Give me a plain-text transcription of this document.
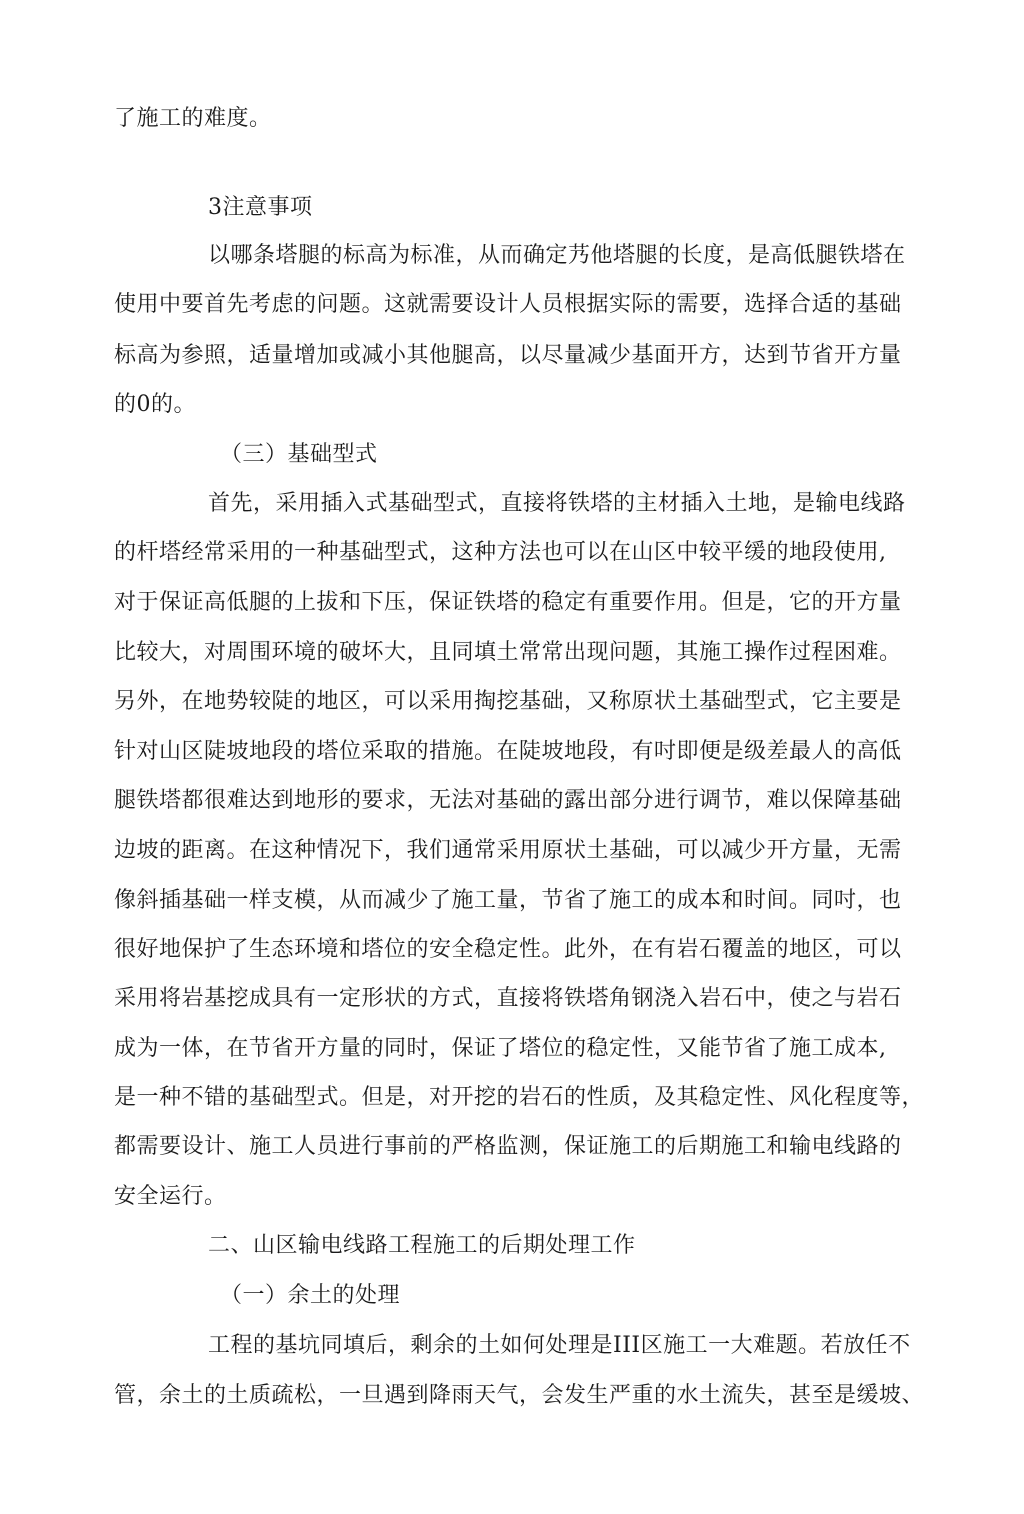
了施工的难度。
3注意事项
以哪条塔腿的标高为标准，从而确定艿他塔腿的长度，是高低腿铁塔在
使用中要首先考虑的问题。这就需要设计人员根据实际的需要，选择合适的基础
标高为参照，适量增加或减小其他腿高，以尽量减少基面开方，达到节省开方量
的0的。
（三）基础型式
首先，采用插入式基础型式，直接将铁塔的主材插入土地，是输电线路
的杆塔经常采用的一种基础型式，这种方法也可以在山区中较平缓的地段使用,
对于保证高低腿的上拔和下压，保证铁塔的稳定有重要作用。但是，它的开方量
比较大，对周围环境的破坏大，且同填土常常出现问题，其施工操作过程困难。
另外，在地势较陡的地区，可以采用掏挖基础，又称原状土基础型式，它主要是
针对山区陡坡地段的塔位采取的措施。在陡坡地段，有吋即便是级差最人的高低
腿铁塔都很难达到地形的要求，无法对基础的露出部分进行调节，难以保障基础
边坡的距离。在这种情况下，我们通常采用原状土基础，可以减少开方量，无需
像斜插基础一样支模，从而减少了施工量，节省了施工的成本和时间。同吋，也
很好地保护了生态环境和塔位的安全稳定性。此外，在有岩石覆盖的地区，可以
采用将岩基挖成具有一定形状的方式，直接将铁塔角钢浇入岩石中，使之与岩石
成为一体，在节省开方量的同时，保证了塔位的稳定性，又能节省了施工成本,
是一种不错的基础型式。但是，对开挖的岩石的性质，及其稳定性、风化程度等，
都需要设计、施工人员进行事前的严格监测，保证施工的后期施工和输电线路的
安全运行。
二、山区输电线路工程施工的后期处理工作
（一）余土的处理
工程的基坑同填后，剩余的土如何处理是III区施工一大难题。若放任不
管，余土的土质疏松，一旦遇到降雨天气，会发生严重的水土流失，甚至是缓坡、
